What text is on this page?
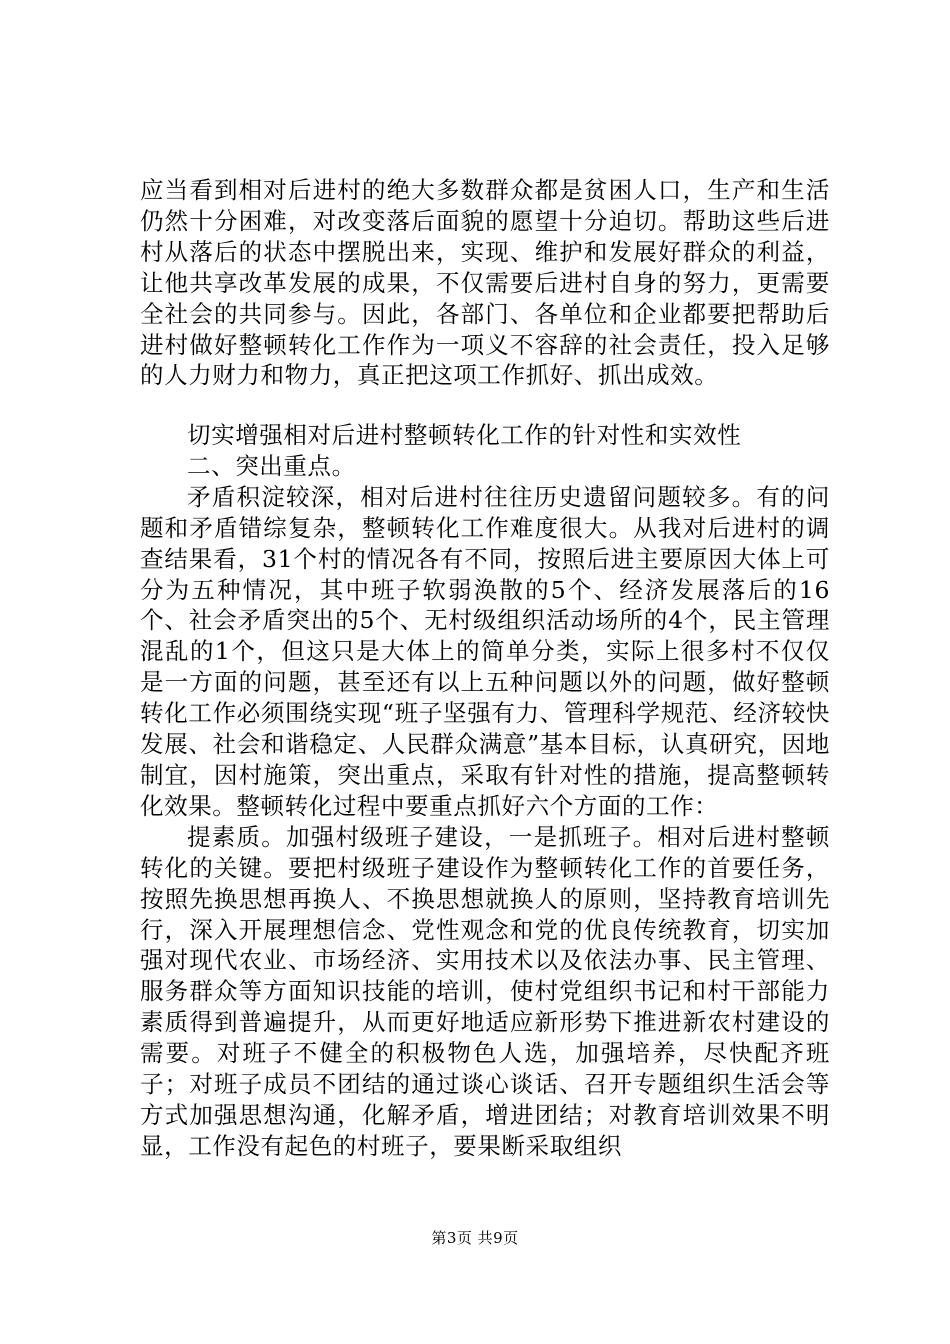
应当看到相对后进村的绝大多数群众都是贫困人口，生产和生活仍然十分困难，对改变落后面貌的愿望十分迫切。帮助这些后进村从落后的状态中摆脱出来，实现、维护和发展好群众的利益，让他共享改革发展的成果，不仅需要后进村自身的努力，更需要全社会的共同参与。因此，各部门、各单位和企业都要把帮助后进村做好整顿转化工作作为一项义不容辞的社会责任，投入足够的人力财力和物力，真正把这项工作抓好、抓出成效。

切实增强相对后进村整顿转化工作的针对性和实效性

二、突出重点。

矛盾积淀较深，相对后进村往往历史遗留问题较多。有的问题和矛盾错综复杂，整顿转化工作难度很大。从我对后进村的调查结果看，31个村的情况各有不同，按照后进主要原因大体上可分为五种情况，其中班子软弱涣散的5个、经济发展落后的16个、社会矛盾突出的5个、无村级组织活动场所的4个，民主管理混乱的1个，但这只是大体上的简单分类，实际上很多村不仅仅是一方面的问题，甚至还有以上五种问题以外的问题，做好整顿转化工作必须围绕实现“班子坚强有力、管理科学规范、经济较快发展、社会和谐稳定、人民群众满意”基本目标，认真研究，因地制宜，因村施策，突出重点，采取有针对性的措施，提高整顿转化效果。整顿转化过程中要重点抓好六个方面的工作：

提素质。加强村级班子建设，一是抓班子。相对后进村整顿转化的关键。要把村级班子建设作为整顿转化工作的首要任务，按照先换思想再换人、不换思想就换人的原则，坚持教育培训先行，深入开展理想信念、党性观念和党的优良传统教育，切实加强对现代农业、市场经济、实用技术以及依法办事、民主管理、服务群众等方面知识技能的培训，使村党组织书记和村干部能力素质得到普遍提升，从而更好地适应新形势下推进新农村建设的需要。对班子不健全的积极物色人选，加强培养，尽快配齐班子；对班子成员不团结的通过谈心谈话、召开专题组织生活会等方式加强思想沟通，化解矛盾，增进团结；对教育培训效果不明显，工作没有起色的村班子，要果断采取组织

第3页 共9页
